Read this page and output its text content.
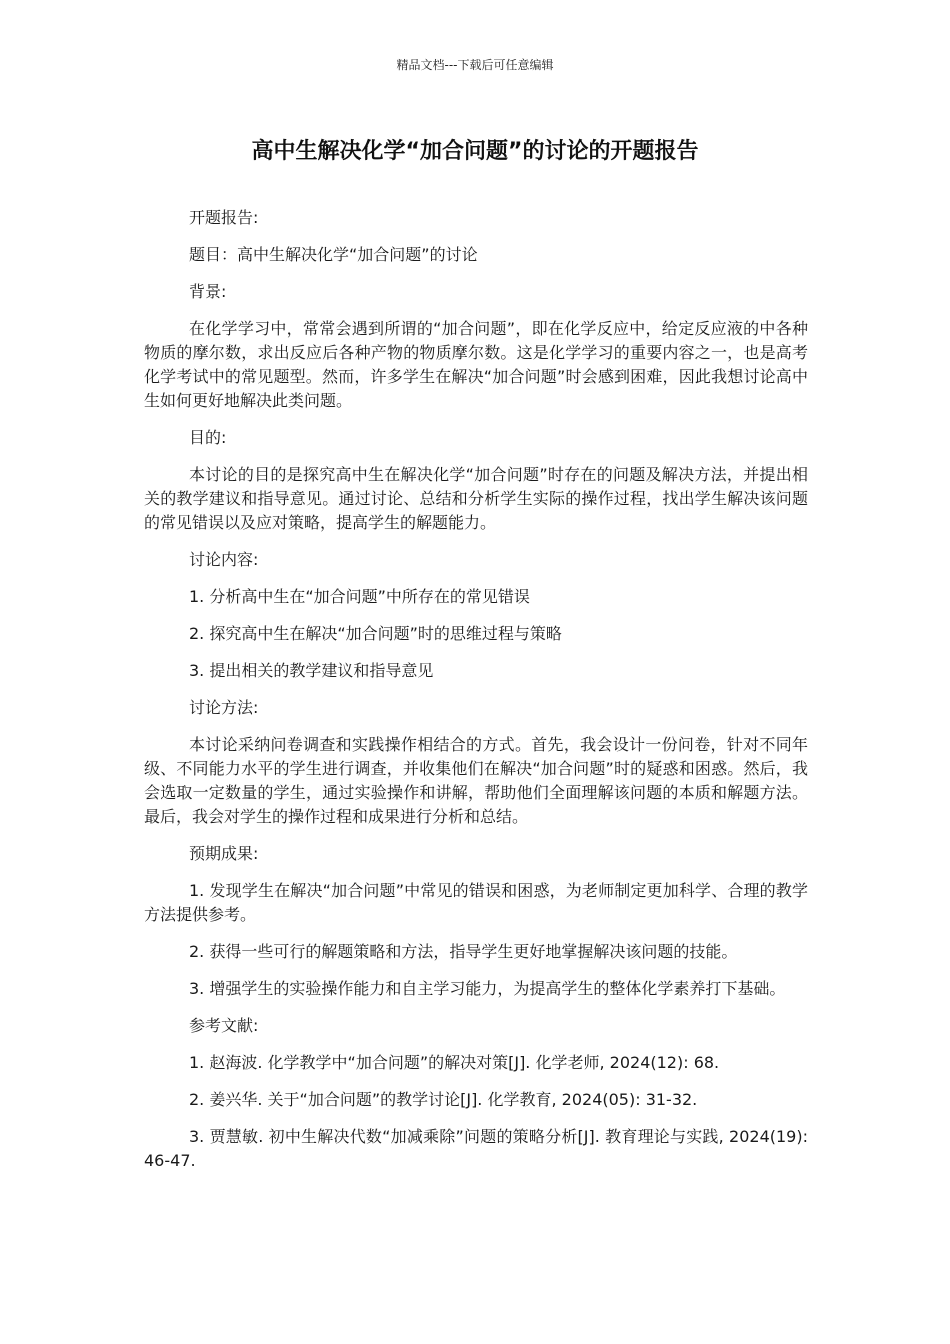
精品文档---下载后可任意编辑
高中生解决化学“加合问题”的讨论的开题报告

开题报告:

题目：高中生解决化学“加合问题”的讨论

背景:

在化学学习中，常常会遇到所谓的“加合问题”，即在化学反应中，给定反应液的中各种物质的摩尔数，求出反应后各种产物的物质摩尔数。这是化学学习的重要内容之一，也是高考化学考试中的常见题型。然而，许多学生在解决“加合问题”时会感到困难，因此我想讨论高中生如何更好地解决此类问题。

目的:

本讨论的目的是探究高中生在解决化学“加合问题”时存在的问题及解决方法，并提出相关的教学建议和指导意见。通过讨论、总结和分析学生实际的操作过程，找出学生解决该问题的常见错误以及应对策略，提高学生的解题能力。

讨论内容:

1. 分析高中生在“加合问题”中所存在的常见错误

2. 探究高中生在解决“加合问题”时的思维过程与策略

3. 提出相关的教学建议和指导意见

讨论方法:

本讨论采纳问卷调查和实践操作相结合的方式。首先，我会设计一份问卷，针对不同年级、不同能力水平的学生进行调查，并收集他们在解决“加合问题”时的疑惑和困惑。然后，我会选取一定数量的学生，通过实验操作和讲解，帮助他们全面理解该问题的本质和解题方法。最后，我会对学生的操作过程和成果进行分析和总结。

预期成果:

1. 发现学生在解决“加合问题”中常见的错误和困惑，为老师制定更加科学、合理的教学方法提供参考。

2. 获得一些可行的解题策略和方法，指导学生更好地掌握解决该问题的技能。

3. 增强学生的实验操作能力和自主学习能力，为提高学生的整体化学素养打下基础。

参考文献:

1. 赵海波. 化学教学中“加合问题”的解决对策[J]. 化学老师, 2024(12): 68.

2. 姜兴华. 关于“加合问题”的教学讨论[J]. 化学教育, 2024(05): 31-32.

3. 贾慧敏. 初中生解决代数“加减乘除”问题的策略分析[J]. 教育理论与实践, 2024(19): 46-47.
